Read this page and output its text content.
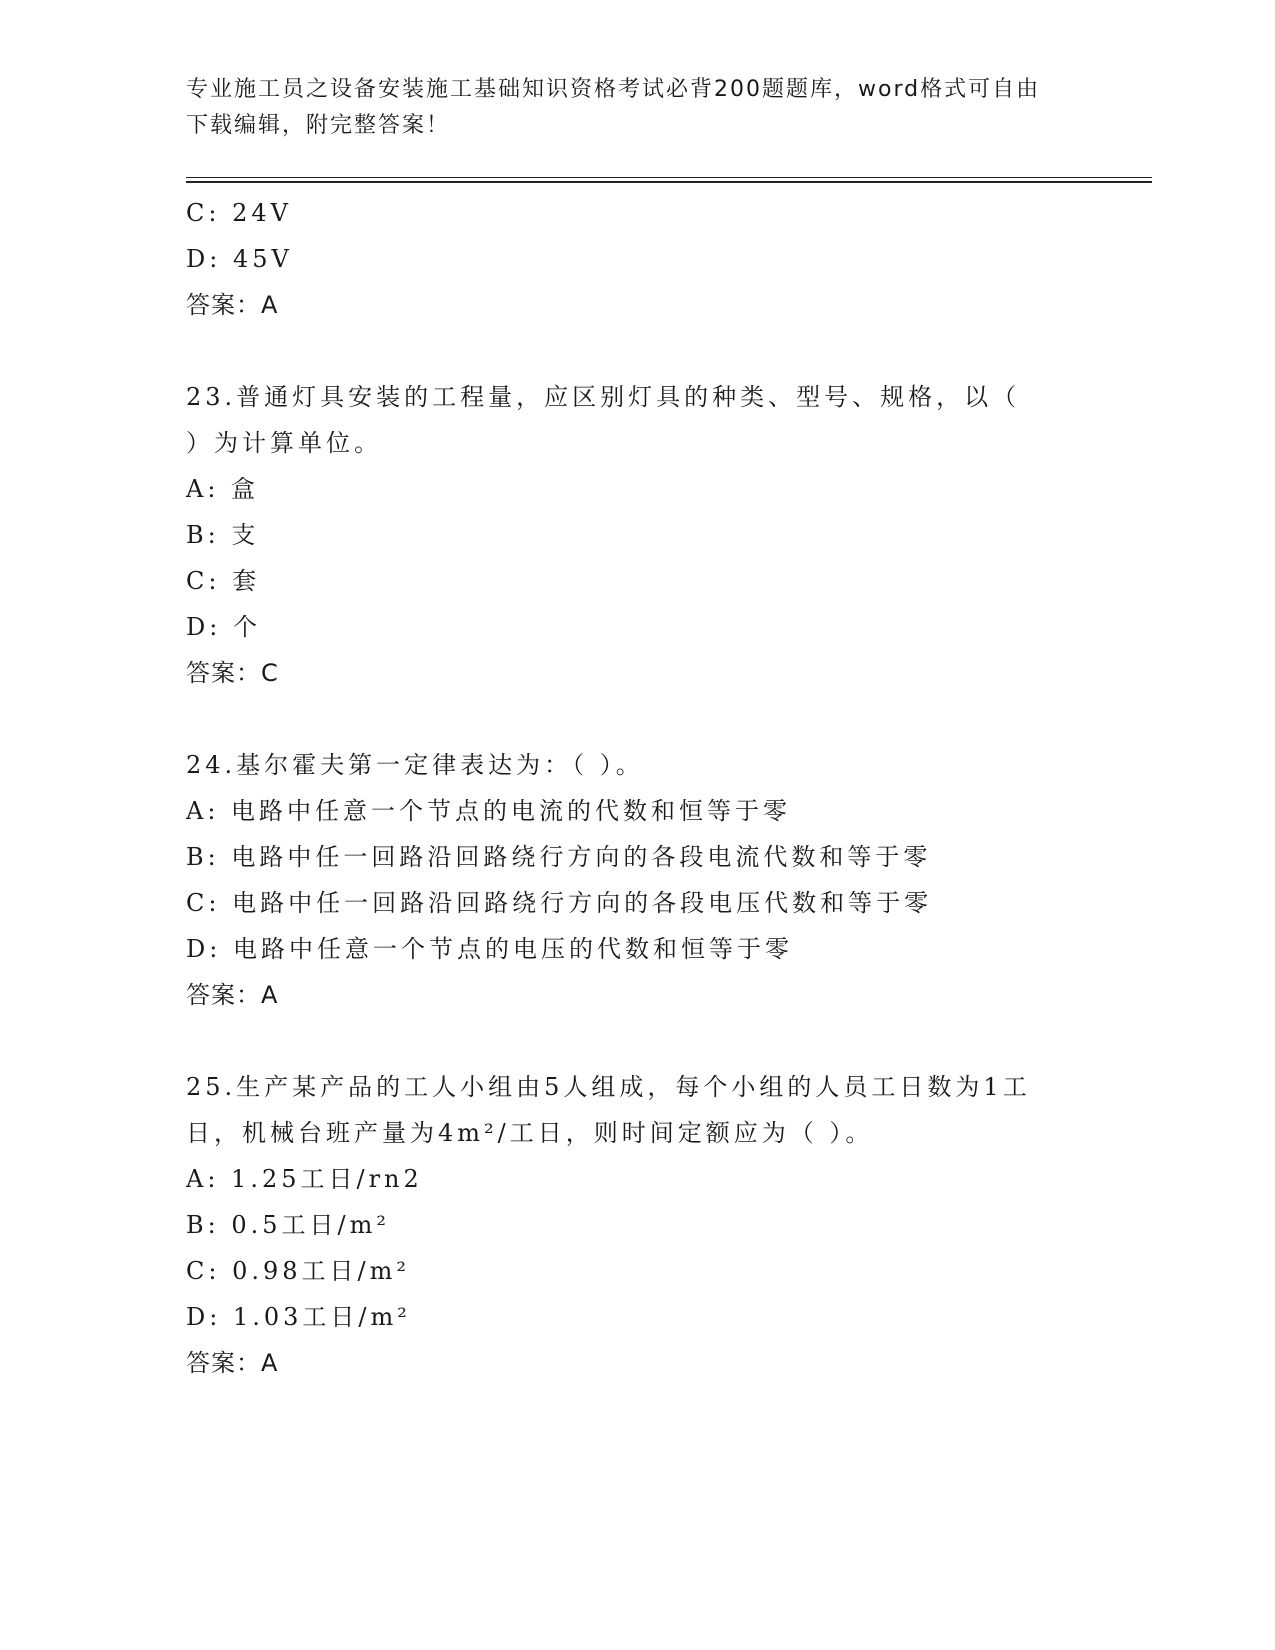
专业施工员之设备安装施工基础知识资格考试必背200题题库，word格式可自由
下载编辑，附完整答案！
C: 24V
D: 45V
答案：A
23.普通灯具安装的工程量，应区别灯具的种类、型号、规格，以（
）为计算单位。
A: 盒
B: 支
C: 套
D: 个
答案：C
24.基尔霍夫第一定律表达为：（ ）。
A: 电路中任意一个节点的电流的代数和恒等于零
B: 电路中任一回路沿回路绕行方向的各段电流代数和等于零
C: 电路中任一回路沿回路绕行方向的各段电压代数和等于零
D: 电路中任意一个节点的电压的代数和恒等于零
答案：A
25.生产某产品的工人小组由5人组成，每个小组的人员工日数为1工
日，机械台班产量为4m²/工日，则时间定额应为（ ）。
A: 1.25工日/rn2
B: 0.5工日/m²
C: 0.98工日/m²
D: 1.03工日/m²
答案：A
